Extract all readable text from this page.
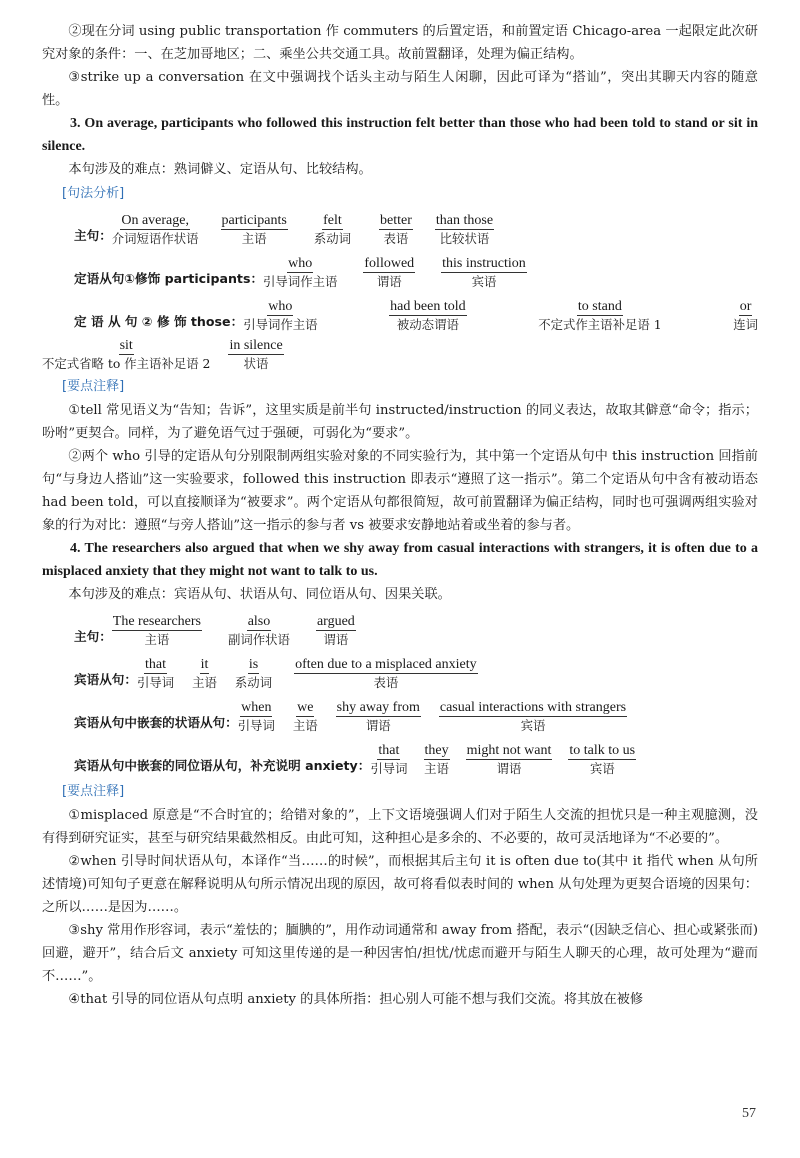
②现在分词 using public transportation 作 commuters 的后置定语，和前置定语 Chicago-area 一起限定此次研究对象的条件：一、在芝加哥地区；二、乘坐公共交通工具。故前置翻译，处理为偏正结构。

③strike up a conversation 在文中强调找个话头主动与陌生人闲聊，因此可译为“搭讪”，突出其聊天内容的随意性。

3. On average, participants who followed this instruction felt better than those who had been told to stand or sit in silence.

本句涉及的难点：熟词僻义、定语从句、比较结构。

[句法分析]
主句：
On average,
介词短语作状语
participants
主语
felt
系动词
better
表语
than those
比较状语
定语从句①修饰 participants：
who
引导词作主语
followed
谓语
this instruction
宾语
定 语 从 句 ② 修 饰 those：
who
引导词作主语
had been told
被动态谓语
to stand
不定式作主语补足语 1
or
连词
sit
不定式省略 to 作主语补足语 2
in silence
状语
[要点注释]

①tell 常见语义为“告知；告诉”，这里实质是前半句 instructed/instruction 的同义表达，故取其僻意“命令；指示；吩咐”更契合。同样，为了避免语气过于强硬，可弱化为“要求”。

②两个 who 引导的定语从句分别限制两组实验对象的不同实验行为，其中第一个定语从句中 this instruction 回指前句“与身边人搭讪”这一实验要求，followed this instruction 即表示“遵照了这一指示”。第二个定语从句中含有被动语态 had been told，可以直接顺译为“被要求”。两个定语从句都很简短，故可前置翻译为偏正结构，同时也可强调两组实验对象的行为对比：遵照“与旁人搭讪”这一指示的参与者 vs 被要求安静地站着或坐着的参与者。

4. The researchers also argued that when we shy away from casual interactions with strangers, it is often due to a misplaced anxiety that they might not want to talk to us.

本句涉及的难点：宾语从句、状语从句、同位语从句、因果关联。

主句：
The researchers
主语
also
副词作状语
argued
谓语
宾语从句：
that
引导词
it
主语
is
系动词
often due to a misplaced anxiety
表语
宾语从句中嵌套的状语从句：
when
引导词
we
主语
shy away from
谓语
casual interactions with strangers
宾语
宾语从句中嵌套的同位语从句，补充说明 anxiety：
that
引导词
they
主语
might not want
谓语
to talk to us
宾语
[要点注释]

①misplaced 原意是“不合时宜的；给错对象的”，上下文语境强调人们对于陌生人交流的担忧只是一种主观臆测，没有得到研究证实，甚至与研究结果截然相反。由此可知，这种担心是多余的、不必要的，故可灵活地译为“不必要的”。

②when 引导时间状语从句，本译作“当……的时候”，而根据其后主句 it is often due to(其中 it 指代 when 从句所述情境)可知句子更意在解释说明从句所示情况出现的原因，故可将看似表时间的 when 从句处理为更契合语境的因果句：之所以……是因为……。

③shy 常用作形容词，表示“羞怯的；腼腆的”，用作动词通常和 away from 搭配，表示“(因缺乏信心、担心或紧张而)回避，避开”，结合后文 anxiety 可知这里传递的是一种因害怕/担忧/忧虑而避开与陌生人聊天的心理，故可处理为“避而不……”。

④that 引导的同位语从句点明 anxiety 的具体所指：担心别人可能不想与我们交流。将其放在被修

57
